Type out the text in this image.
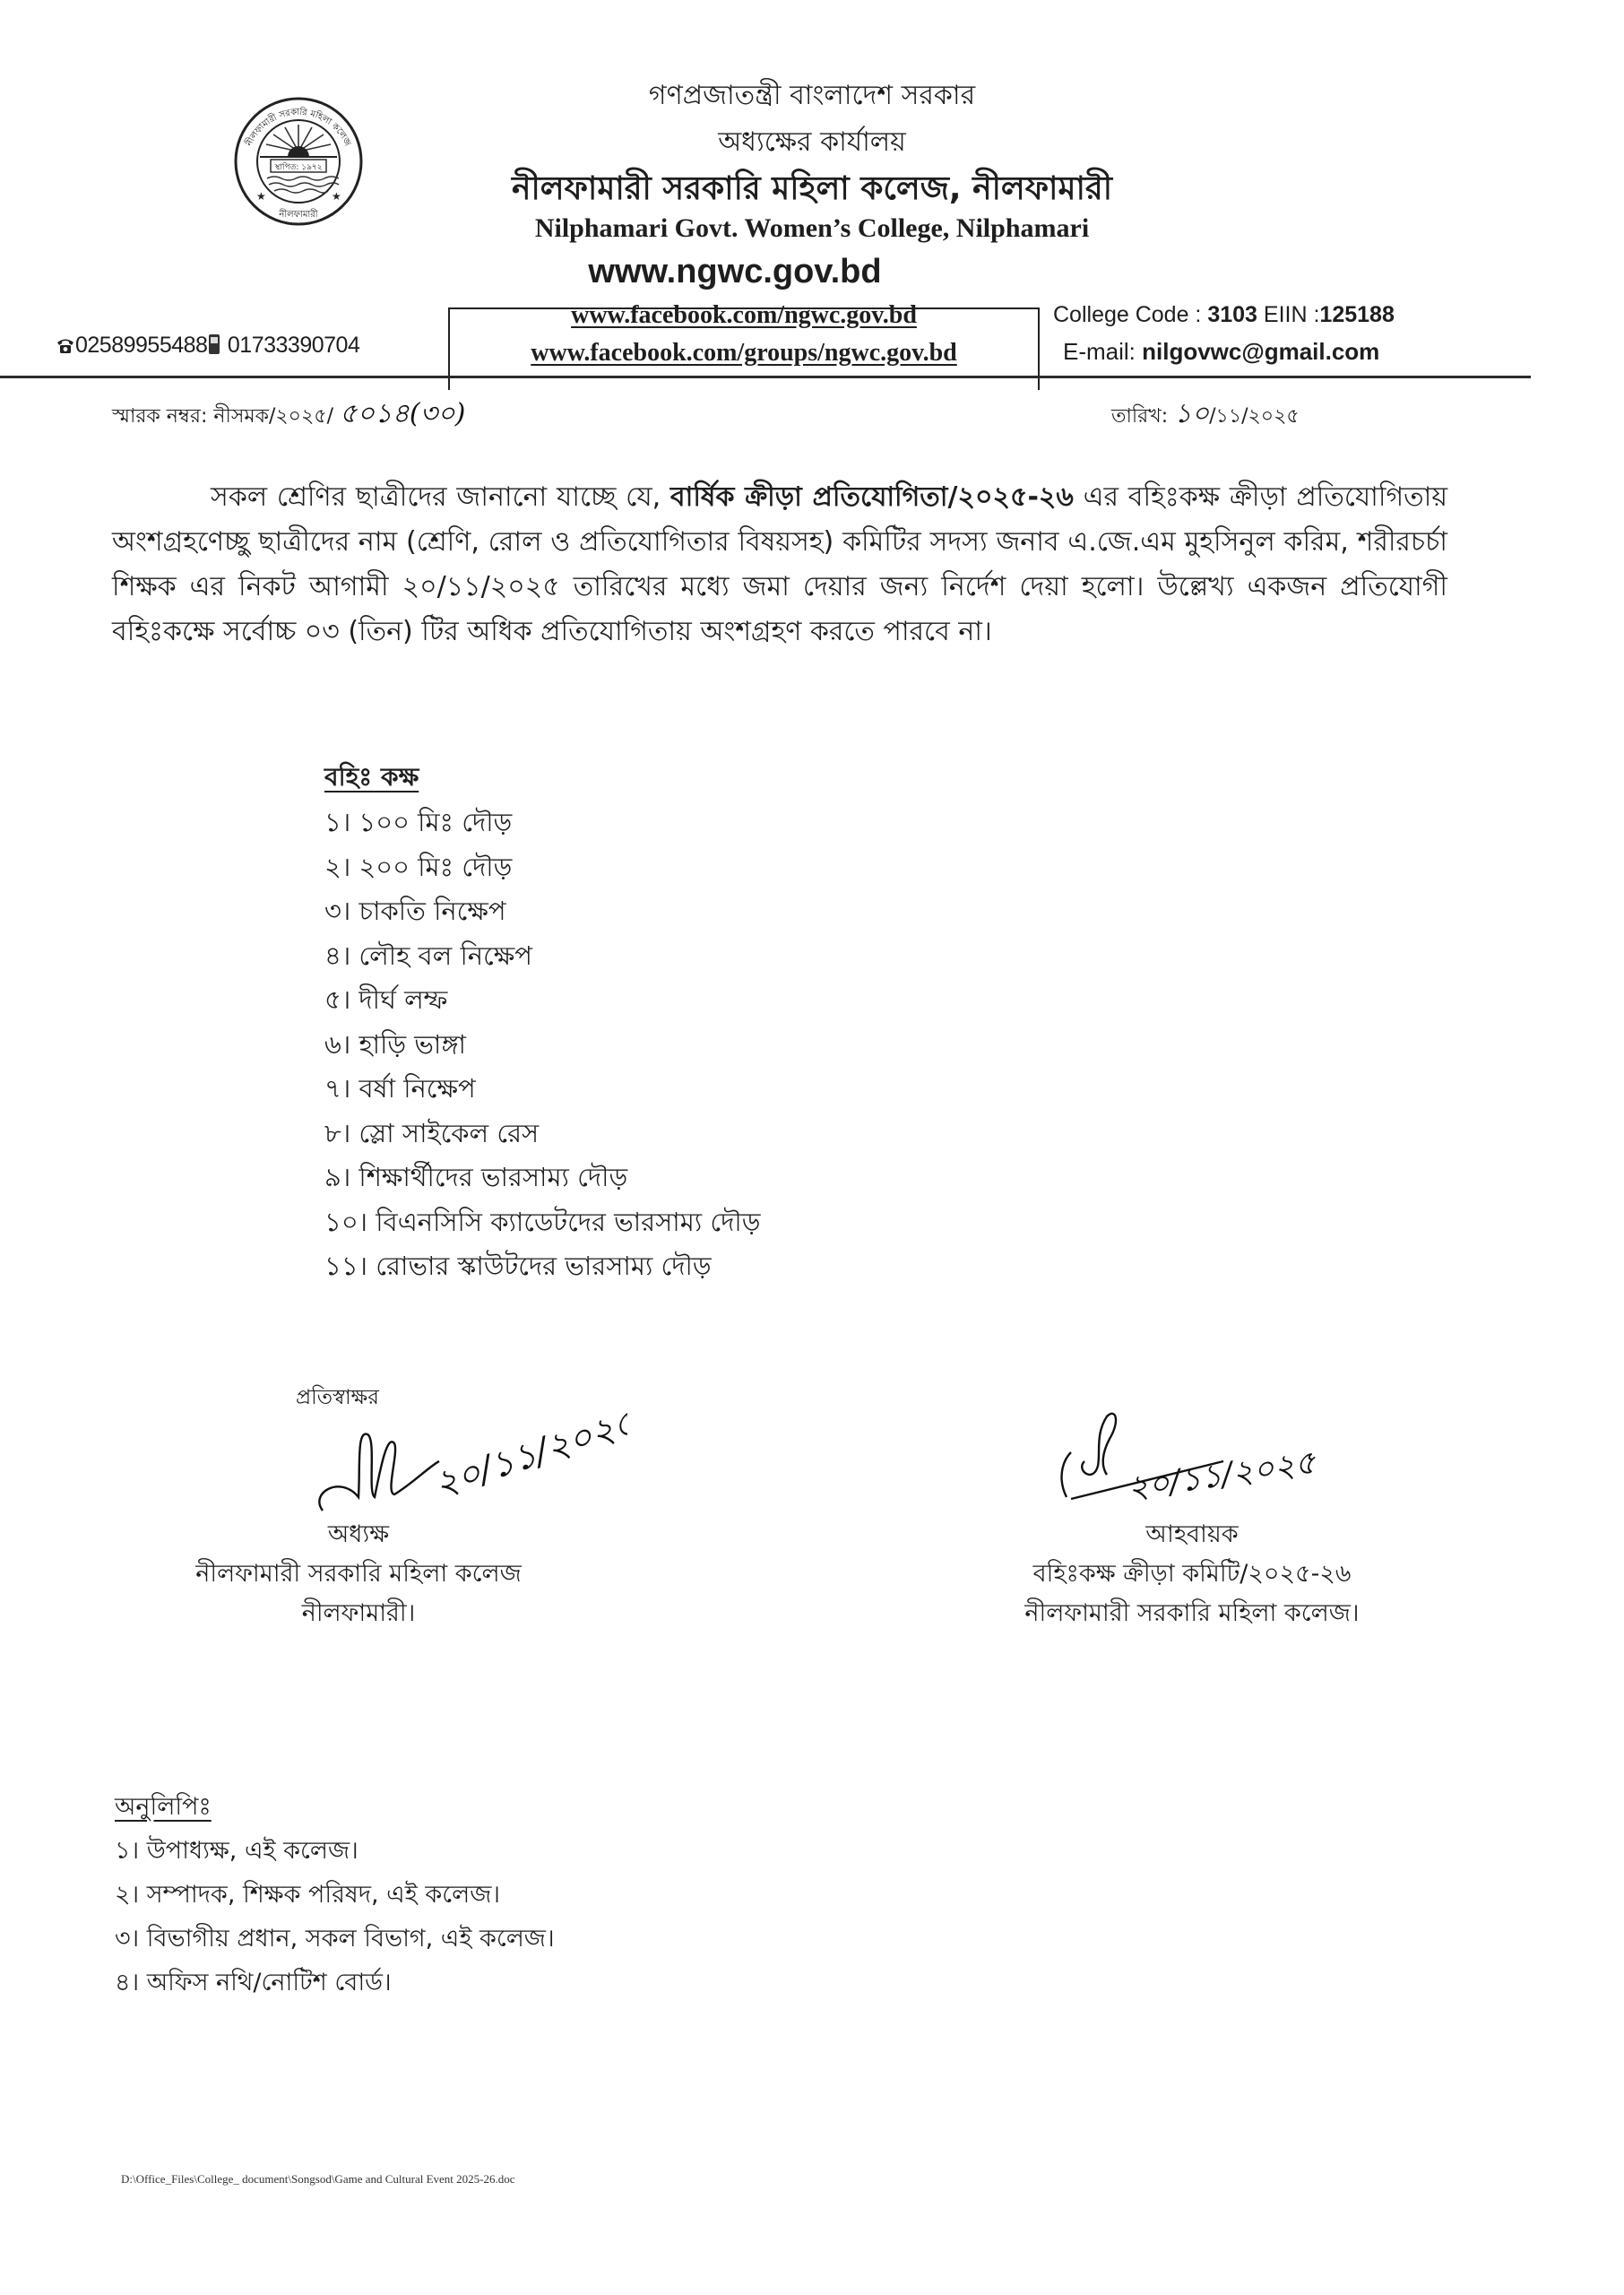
স্থাপিত: ১৯৭২
★	★
নীলফামারী
নীলফামারী সরকারি মহিলা কলেজ
গণপ্রজাতন্ত্রী বাংলাদেশ সরকার
অধ্যক্ষের কার্যালয়
নীলফামারী সরকারি মহিলা কলেজ, নীলফামারী
Nilphamari Govt. Women’s College, Nilphamari
www.ngwc.gov.bd
02589955488 01733390704
www.facebook.com/ngwc.gov.bd
www.facebook.com/groups/ngwc.gov.bd
College Code : 3103 EIIN :125188
E-mail: nilgovwc@gmail.com
স্মারক নম্বর: নীসমক/২০২৫/ ৫০১৪(৩০)	তারিখ: ১০/১১/২০২৫
সকল শ্রেণির ছাত্রীদের জানানো যাচ্ছে যে, বার্ষিক ক্রীড়া প্রতিযোগিতা/২০২৫-২৬ এর বহিঃকক্ষ ক্রীড়া প্রতিযোগিতায় অংশগ্রহণেচ্ছু ছাত্রীদের নাম (শ্রেণি, রোল ও প্রতিযোগিতার বিষয়সহ) কমিটির সদস্য জনাব এ.জে.এম মুহসিনুল করিম, শরীরচর্চা শিক্ষক এর নিকট আগামী ২০/১১/২০২৫ তারিখের মধ্যে জমা দেয়ার জন্য নির্দেশ দেয়া হলো। উল্লেখ্য একজন প্রতিযোগী বহিঃকক্ষে সর্বোচ্চ ০৩ (তিন) টির অধিক প্রতিযোগিতায় অংশগ্রহণ করতে পারবে না।
বহিঃ কক্ষ
১। ১০০ মিঃ দৌড়
২। ২০০ মিঃ দৌড়
৩। চাকতি নিক্ষেপ
৪। লৌহ বল নিক্ষেপ
৫। দীর্ঘ লম্ফ
৬। হাড়ি ভাঙ্গা
৭। বর্ষা নিক্ষেপ
৮। স্লো সাইকেল রেস
৯। শিক্ষার্থীদের ভারসাম্য দৌড়
১০। বিএনসিসি ক্যাডেটদের ভারসাম্য দৌড়
১১। রোভার স্কাউটদের ভারসাম্য দৌড়
প্রতিস্বাক্ষর
২০/১১/২০২৫	২০/১১/২০২৫
অধ্যক্ষ
নীলফামারী সরকারি মহিলা কলেজ
নীলফামারী।
আহবায়ক
বহিঃকক্ষ ক্রীড়া কমিটি/২০২৫-২৬
নীলফামারী সরকারি মহিলা কলেজ।
অনুলিপিঃ
১। উপাধ্যক্ষ, এই কলেজ।
২। সম্পাদক, শিক্ষক পরিষদ, এই কলেজ।
৩। বিভাগীয় প্রধান, সকল বিভাগ, এই কলেজ।
৪। অফিস নথি/নোটিশ বোর্ড।
D:\Office_Files\College_ document\Songsod\Game and Cultural Event 2025-26.doc
